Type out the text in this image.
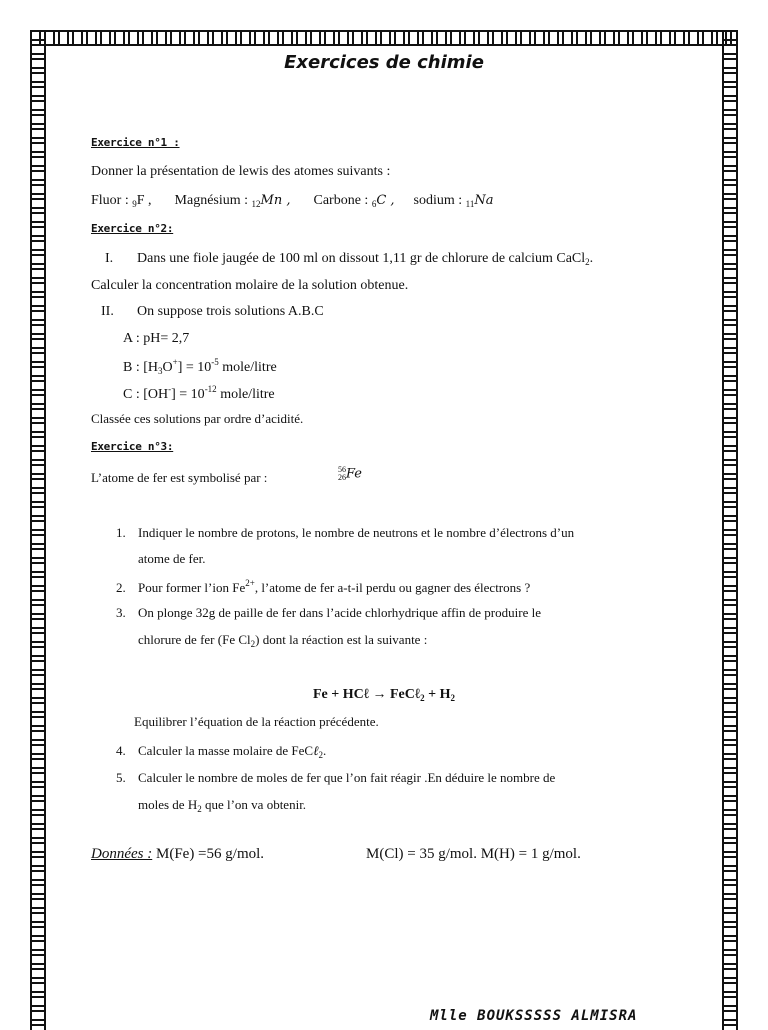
Exercices de chimie
Exercice n°1 :
Donner la présentation de lewis des atomes suivants :
Fluor : $_9$F , Magnésium : $_{12}$Mn , Carbone : $_6$C , sodium : $_{11}$Na
Exercice n°2:
I. Dans une fiole jaugée de 100 ml on dissout 1,11 gr de chlorure de calcium CaCl$_2$.
Calculer la concentration molaire de la solution obtenue.
II. On suppose trois solutions A.B.C
A : pH= 2,7
B : $[H_3O^+] = 10^{-5}$ mole/litre
C : $[OH^-] = 10^{-12}$ mole/litre
Classée ces solutions par ordre d’acidité.
Exercice n°3:
L’atome de fer est symbolisé par :
56
26 Fe
1. Indiquer le nombre de protons, le nombre de neutrons et le nombre d’électrons d’un
atome de fer.
2. Pour former l’ion $Fe^{2+}$, l’atome de fer a-t-il perdu ou gagner des électrons ?
3. On plonge 32g de paille de fer dans l’acide chlorhydrique affin de produire le
chlorure de fer (Fe $Cl_2$) dont la réaction est la suivante :
Fe + HCℓ → FeCℓ$_2$ + $H_2$
Equilibrer l’équation de la réaction précédente.
4. Calculer la masse molaire de FeCℓ$_2$.
5. Calculer le nombre de moles de fer que l’on fait réagir .En déduire le nombre de
moles de $H_2$ que l’on va obtenir.
Données : M(Fe) =56 g/mol.	M(Cl) = 35 g/mol. M(H) = 1 g/mol.
Mlle BOUKSSSSS ALMISRA
